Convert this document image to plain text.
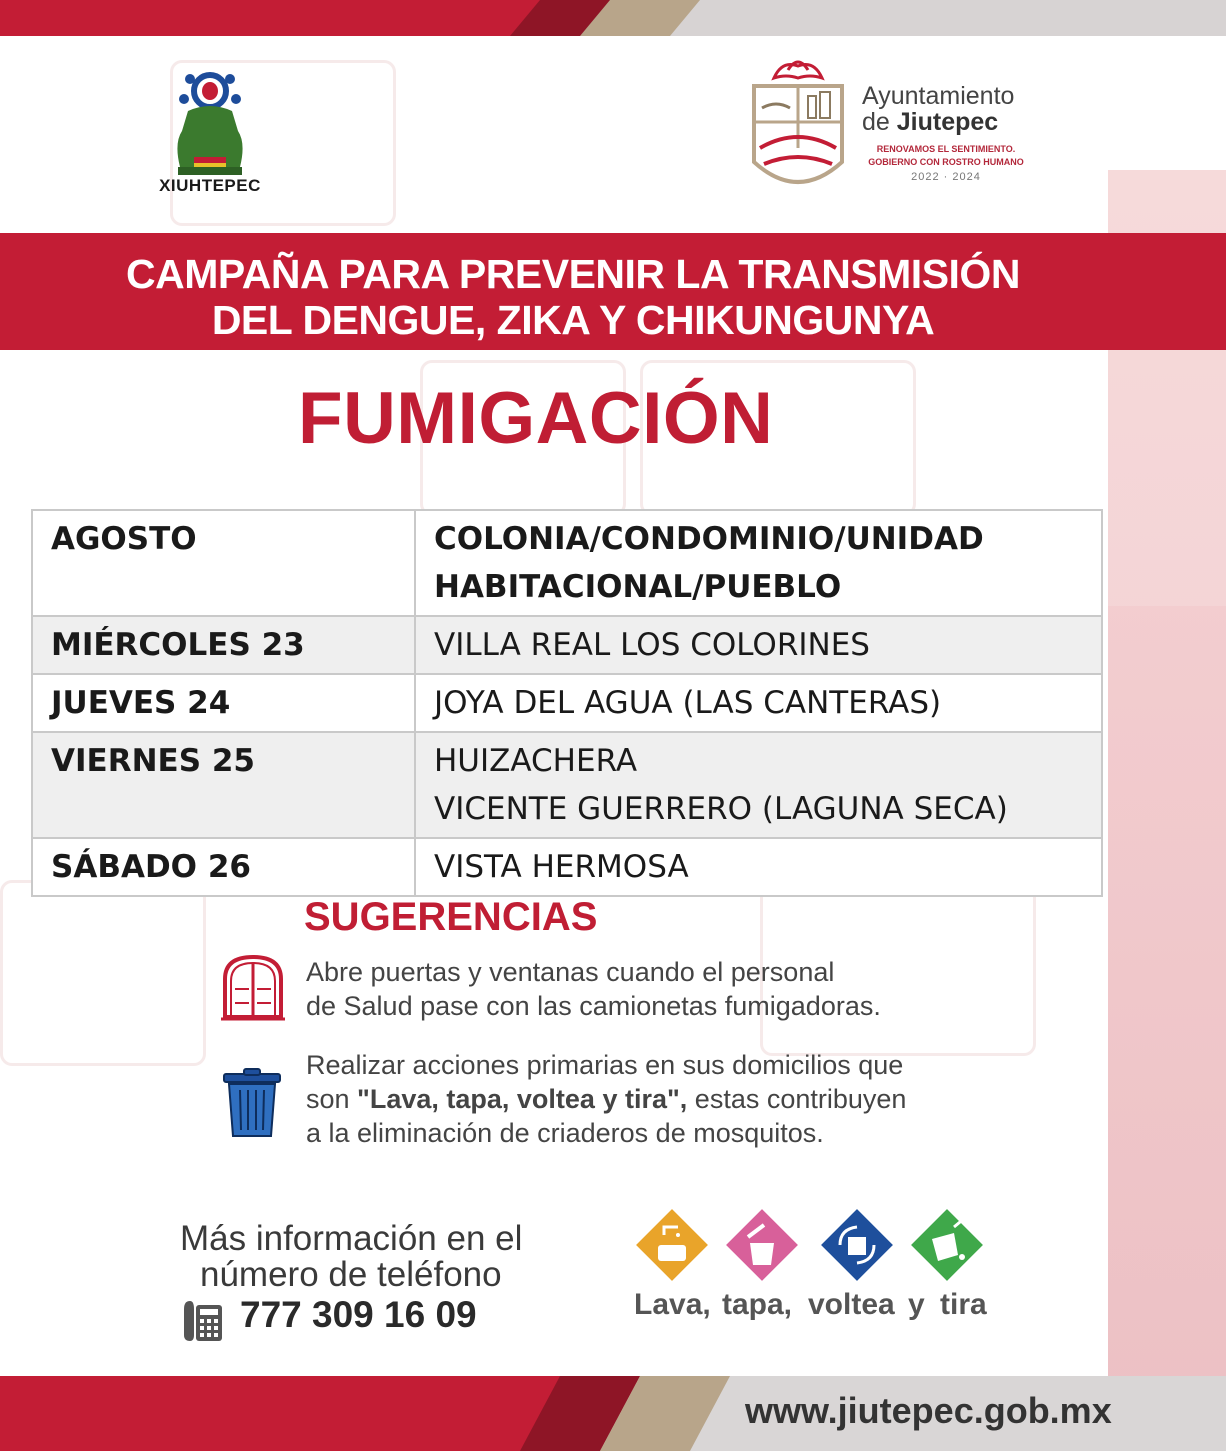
XIUHTEPEC
Ayuntamiento
de Jiutepec
RENOVAMOS EL SENTIMIENTO.
GOBIERNO CON ROSTRO HUMANO
2022 · 2024
CAMPAÑA PARA PREVENIR LA TRANSMISIÓN
DEL DENGUE, ZIKA Y CHIKUNGUNYA
FUMIGACIÓN
AGOSTO	COLONIA/CONDOMINIO/UNIDAD
HABITACIONAL/PUEBLO

MIÉRCOLES 23	VILLA REAL LOS COLORINES

JUEVES 24	JOYA DEL AGUA (LAS CANTERAS)

VIERNES 25	HUIZACHERA
VICENTE GUERRERO (LAGUNA SECA)

SÁBADO 26	VISTA HERMOSA
SUGERENCIAS
Abre puertas y ventanas cuando el personal
de Salud pase con las camionetas fumigadoras.
Realizar acciones primarias en sus domicilios que
son "Lava, tapa, voltea y tira", estas contribuyen
a la eliminación de criaderos de mosquitos.
Más información en el
número de teléfono
777 309 16 09	Lava, tapa, voltea y tira
www.jiutepec.gob.mx
